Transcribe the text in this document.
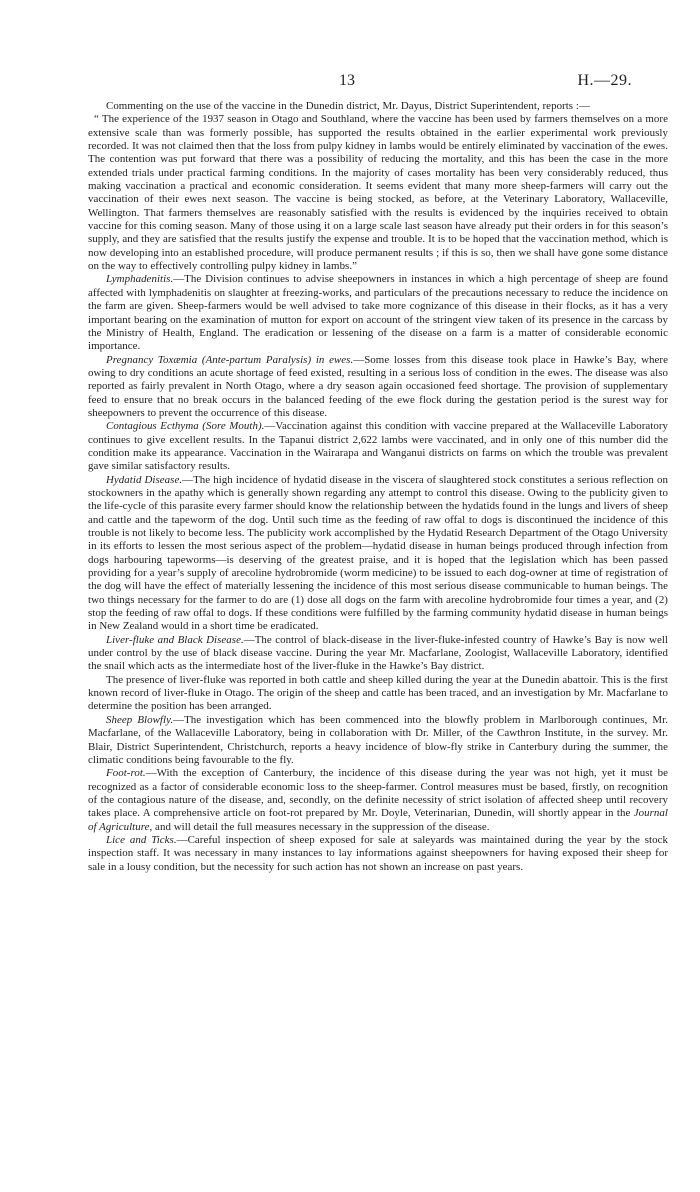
13	H.—29.

Commenting on the use of the vaccine in the Dunedin district, Mr. Dayus, District Superintendent, reports :—

“ The experience of the 1937 season in Otago and Southland, where the vaccine has been used by farmers themselves on a more extensive scale than was formerly possible, has supported the results obtained in the earlier experimental work previously recorded. It was not claimed then that the loss from pulpy kidney in lambs would be entirely eliminated by vaccination of the ewes. The contention was put forward that there was a possibility of reducing the mortality, and this has been the case in the more extended trials under practical farming conditions. In the majority of cases mortality has been very considerably reduced, thus making vaccination a practical and economic consideration. It seems evident that many more sheep-farmers will carry out the vaccination of their ewes next season. The vaccine is being stocked, as before, at the Veterinary Laboratory, Wallaceville, Wellington. That farmers themselves are reasonably satisfied with the results is evidenced by the inquiries received to obtain vaccine for this coming season. Many of those using it on a large scale last season have already put their orders in for this season’s supply, and they are satisfied that the results justify the expense and trouble. It is to be hoped that the vaccination method, which is now developing into an established procedure, will produce permanent results ; if this is so, then we shall have gone some distance on the way to effectively controlling pulpy kidney in lambs.”

Lymphadenitis.—The Division continues to advise sheepowners in instances in which a high percentage of sheep are found affected with lymphadenitis on slaughter at freezing-works, and particulars of the precautions necessary to reduce the incidence on the farm are given. Sheep-farmers would be well advised to take more cognizance of this disease in their flocks, as it has a very important bearing on the examination of mutton for export on account of the stringent view taken of its presence in the carcass by the Ministry of Health, England. The eradication or lessening of the disease on a farm is a matter of considerable economic importance.

Pregnancy Toxæmia (Ante-partum Paralysis) in ewes.—Some losses from this disease took place in Hawke’s Bay, where owing to dry conditions an acute shortage of feed existed, resulting in a serious loss of condition in the ewes. The disease was also reported as fairly prevalent in North Otago, where a dry season again occasioned feed shortage. The provision of supplementary feed to ensure that no break occurs in the balanced feeding of the ewe flock during the gestation period is the surest way for sheepowners to prevent the occurrence of this disease.

Contagious Ecthyma (Sore Mouth).—Vaccination against this condition with vaccine prepared at the Wallaceville Laboratory continues to give excellent results. In the Tapanui district 2,622 lambs were vaccinated, and in only one of this number did the condition make its appearance. Vaccination in the Wairarapa and Wanganui districts on farms on which the trouble was prevalent gave similar satisfactory results.

Hydatid Disease.—The high incidence of hydatid disease in the viscera of slaughtered stock constitutes a serious reflection on stockowners in the apathy which is generally shown regarding any attempt to control this disease. Owing to the publicity given to the life-cycle of this parasite every farmer should know the relationship between the hydatids found in the lungs and livers of sheep and cattle and the tapeworm of the dog. Until such time as the feeding of raw offal to dogs is discontinued the incidence of this trouble is not likely to become less. The publicity work accomplished by the Hydatid Research Department of the Otago University in its efforts to lessen the most serious aspect of the problem—hydatid disease in human beings produced through infection from dogs harbouring tapeworms—is deserving of the greatest praise, and it is hoped that the legislation which has been passed providing for a year’s supply of arecoline hydrobromide (worm medicine) to be issued to each dog-owner at time of registration of the dog will have the effect of materially lessening the incidence of this most serious disease communicable to human beings. The two things necessary for the farmer to do are (1) dose all dogs on the farm with arecoline hydrobromide four times a year, and (2) stop the feeding of raw offal to dogs. If these conditions were fulfilled by the farming community hydatid disease in human beings in New Zealand would in a short time be eradicated.

Liver-fluke and Black Disease.—The control of black-disease in the liver-fluke-infested country of Hawke’s Bay is now well under control by the use of black disease vaccine. During the year Mr. Macfarlane, Zoologist, Wallaceville Laboratory, identified the snail which acts as the intermediate host of the liver-fluke in the Hawke’s Bay district.

The presence of liver-fluke was reported in both cattle and sheep killed during the year at the Dunedin abattoir. This is the first known record of liver-fluke in Otago. The origin of the sheep and cattle has been traced, and an investigation by Mr. Macfarlane to determine the position has been arranged.

Sheep Blowfly.—The investigation which has been commenced into the blowfly problem in Marlborough continues, Mr. Macfarlane, of the Wallaceville Laboratory, being in collaboration with Dr. Miller, of the Cawthron Institute, in the survey. Mr. Blair, District Superintendent, Christchurch, reports a heavy incidence of blow-fly strike in Canterbury during the summer, the climatic conditions being favourable to the fly.

Foot-rot.—With the exception of Canterbury, the incidence of this disease during the year was not high, yet it must be recognized as a factor of considerable economic loss to the sheep-farmer. Control measures must be based, firstly, on recognition of the contagious nature of the disease, and, secondly, on the definite necessity of strict isolation of affected sheep until recovery takes place. A comprehensive article on foot-rot prepared by Mr. Doyle, Veterinarian, Dunedin, will shortly appear in the Journal of Agriculture, and will detail the full measures necessary in the suppression of the disease.

Lice and Ticks.—Careful inspection of sheep exposed for sale at saleyards was maintained during the year by the stock inspection staff. It was necessary in many instances to lay informations against sheepowners for having exposed their sheep for sale in a lousy condition, but the necessity for such action has not shown an increase on past years.
